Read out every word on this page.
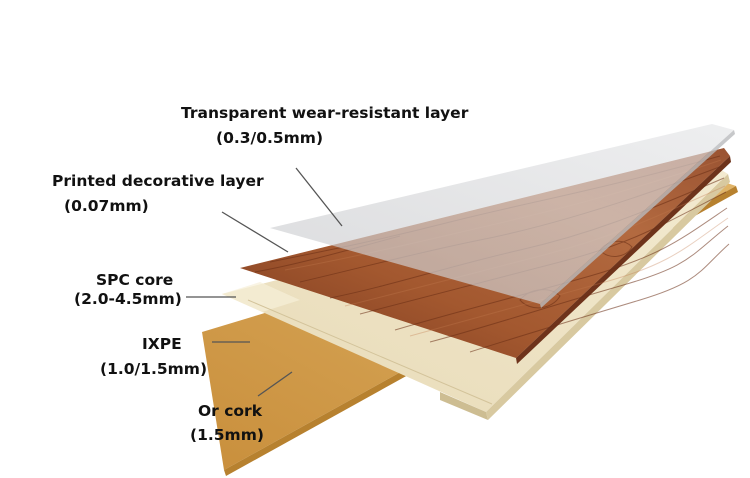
Transparent wear-resistant layer
(0.3/0.5mm)
Printed decorative layer
(0.07mm)
SPC core
(2.0-4.5mm)
IXPE
(1.0/1.5mm)
Or cork
(1.5mm)
